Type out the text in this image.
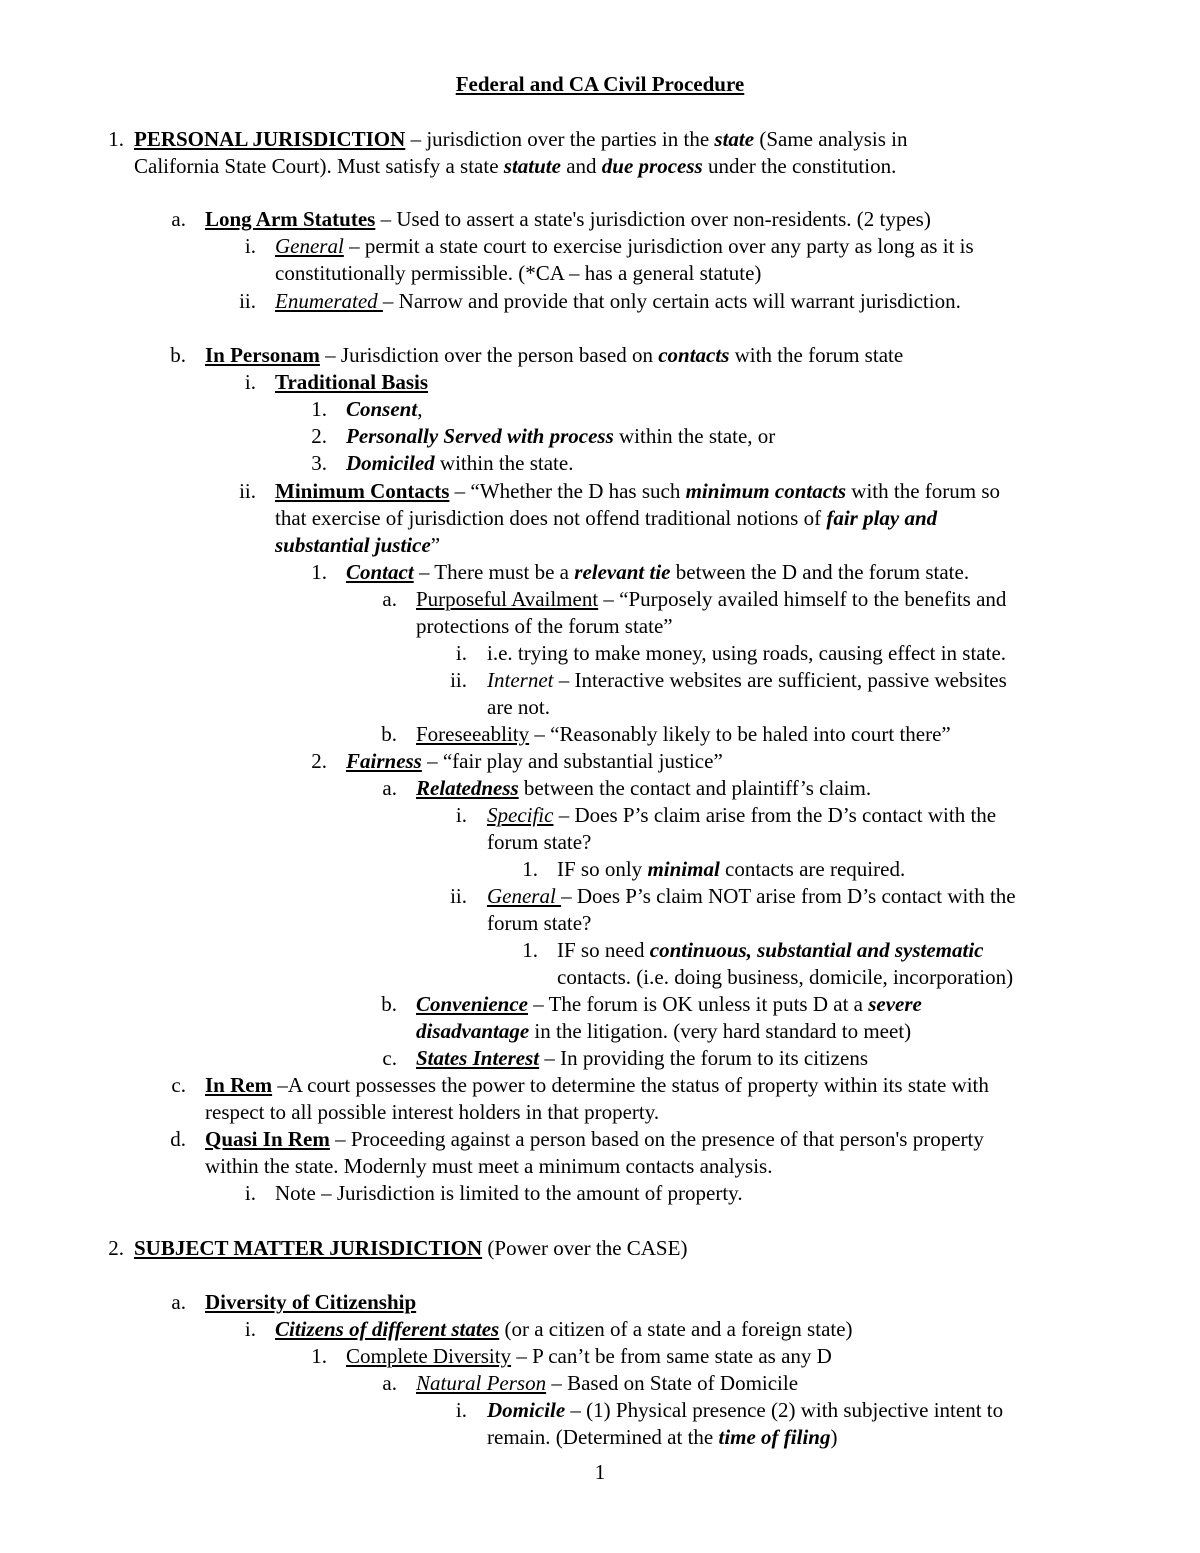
Federal and CA Civil Procedure
1. PERSONAL JURISDICTION – jurisdiction over the parties in the state (Same analysis in
California State Court). Must satisfy a state statute and due process under the constitution.
a. Long Arm Statutes – Used to assert a state's jurisdiction over non-residents. (2 types)
i. General – permit a state court to exercise jurisdiction over any party as long as it is
constitutionally permissible. (*CA – has a general statute)
ii. Enumerated – Narrow and provide that only certain acts will warrant jurisdiction.
b. In Personam – Jurisdiction over the person based on contacts with the forum state
i. Traditional Basis
1. Consent,
2. Personally Served with process within the state, or
3. Domiciled within the state.
ii. Minimum Contacts – “Whether the D has such minimum contacts with the forum so
that exercise of jurisdiction does not offend traditional notions of fair play and
substantial justice”
1. Contact – There must be a relevant tie between the D and the forum state.
a. Purposeful Availment – “Purposely availed himself to the benefits and
protections of the forum state”
i. i.e. trying to make money, using roads, causing effect in state.
ii. Internet – Interactive websites are sufficient, passive websites
are not.
b. Foreseeablity – “Reasonably likely to be haled into court there”
2. Fairness – “fair play and substantial justice”
a. Relatedness between the contact and plaintiff’s claim.
i. Specific – Does P’s claim arise from the D’s contact with the
forum state?
1. IF so only minimal contacts are required.
ii. General – Does P’s claim NOT arise from D’s contact with the
forum state?
1. IF so need continuous, substantial and systematic
contacts. (i.e. doing business, domicile, incorporation)
b. Convenience – The forum is OK unless it puts D at a severe
disadvantage in the litigation. (very hard standard to meet)
c. States Interest – In providing the forum to its citizens
c. In Rem –A court possesses the power to determine the status of property within its state with
respect to all possible interest holders in that property.
d. Quasi In Rem – Proceeding against a person based on the presence of that person's property
within the state. Modernly must meet a minimum contacts analysis.
i. Note – Jurisdiction is limited to the amount of property.
2. SUBJECT MATTER JURISDICTION (Power over the CASE)
a. Diversity of Citizenship
i. Citizens of different states (or a citizen of a state and a foreign state)
1. Complete Diversity – P can’t be from same state as any D
a. Natural Person – Based on State of Domicile
i. Domicile – (1) Physical presence (2) with subjective intent to
remain. (Determined at the time of filing)
1
